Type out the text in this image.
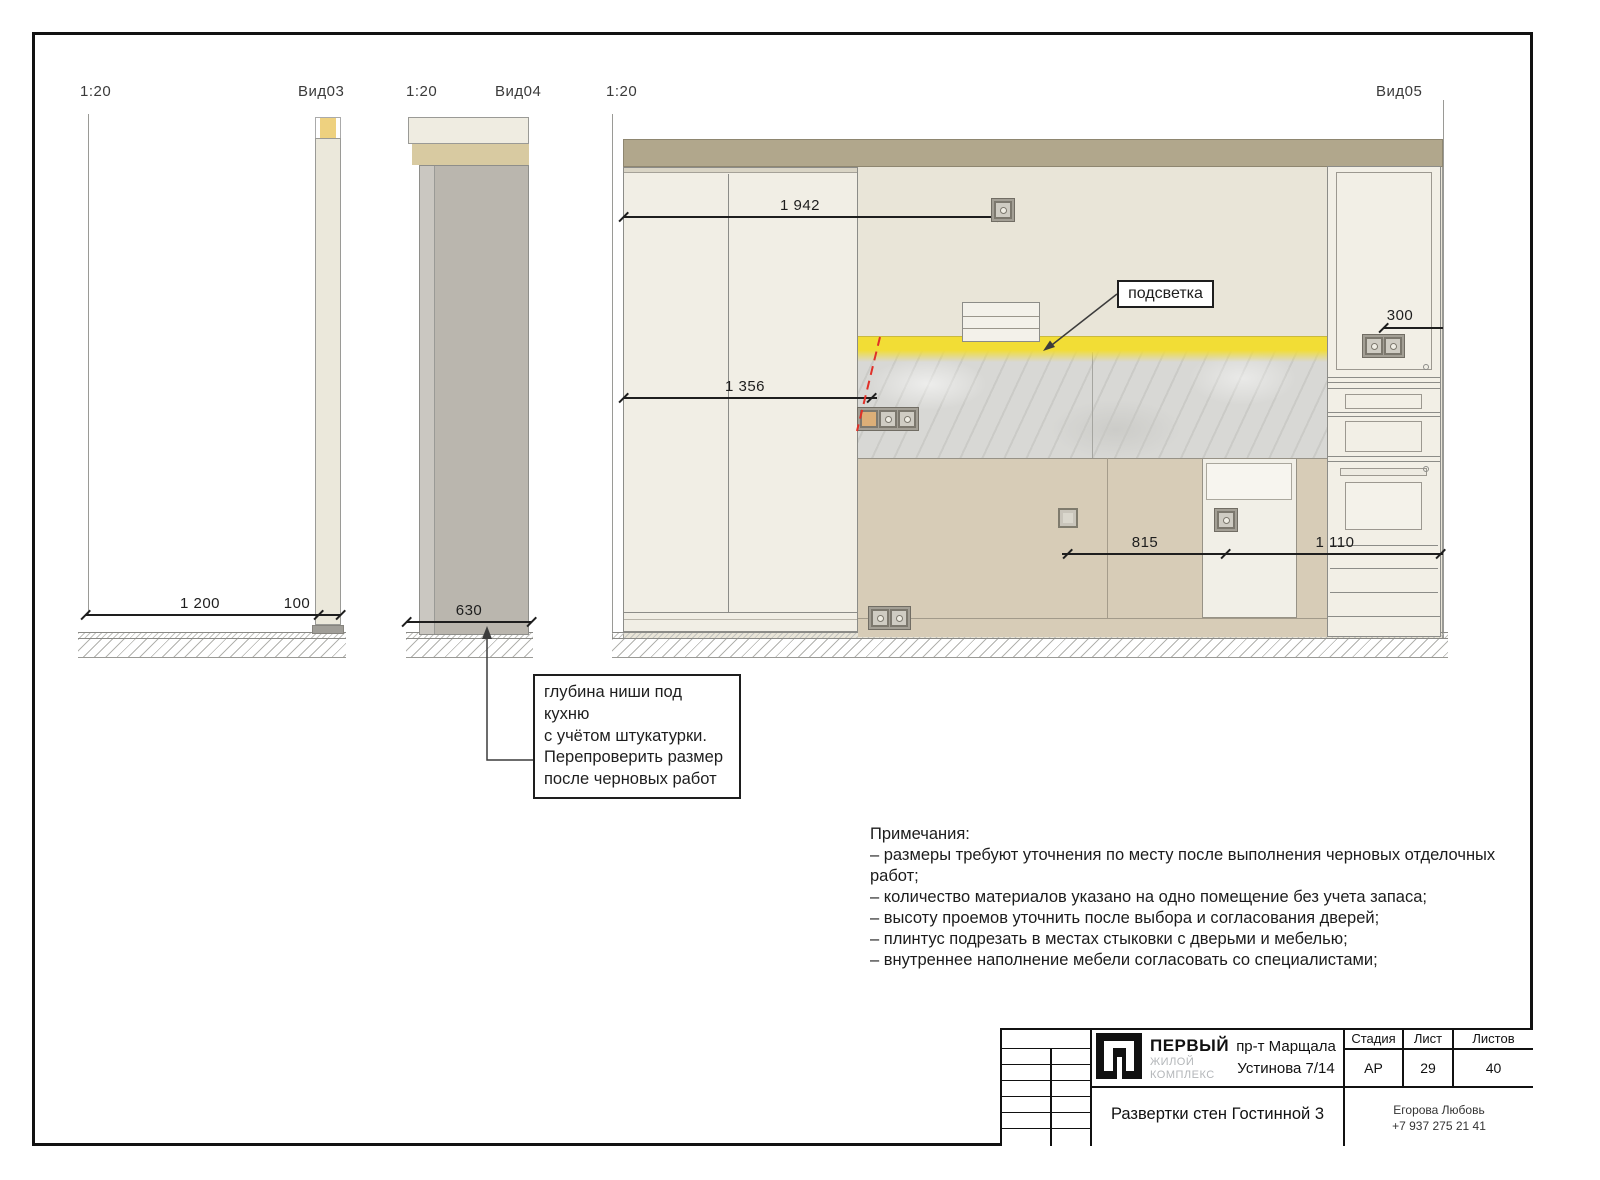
1:20	Вид03
1 200	100
1:20	Вид04
630
глубина ниши под кухню
с учётом штукатурки.
Перепроверить размер
после черновых работ
1:20	Вид05
1 942
1 356
815	1 110
300
подсветка
Примечания:
– размеры требуют уточнения по месту после выполнения черновых отделочных работ;
– количество материалов указано на одно помещение без учета запаса;
– высоту проемов уточнить после выбора и согласования дверей;
– плинтус подрезать в местах стыковки с дверьми и мебелью;
– внутреннее наполнение мебели согласовать со специалистами;
ПЕРВЫЙ
ЖИЛОЙ
КОМПЛЕКС
пр-т Марщала
Устинова 7/14
Стадия	Лист	Листов
АР	29	40
Развертки стен Гостинной 3	Егорова Любовь
+7 937 275 21 41
